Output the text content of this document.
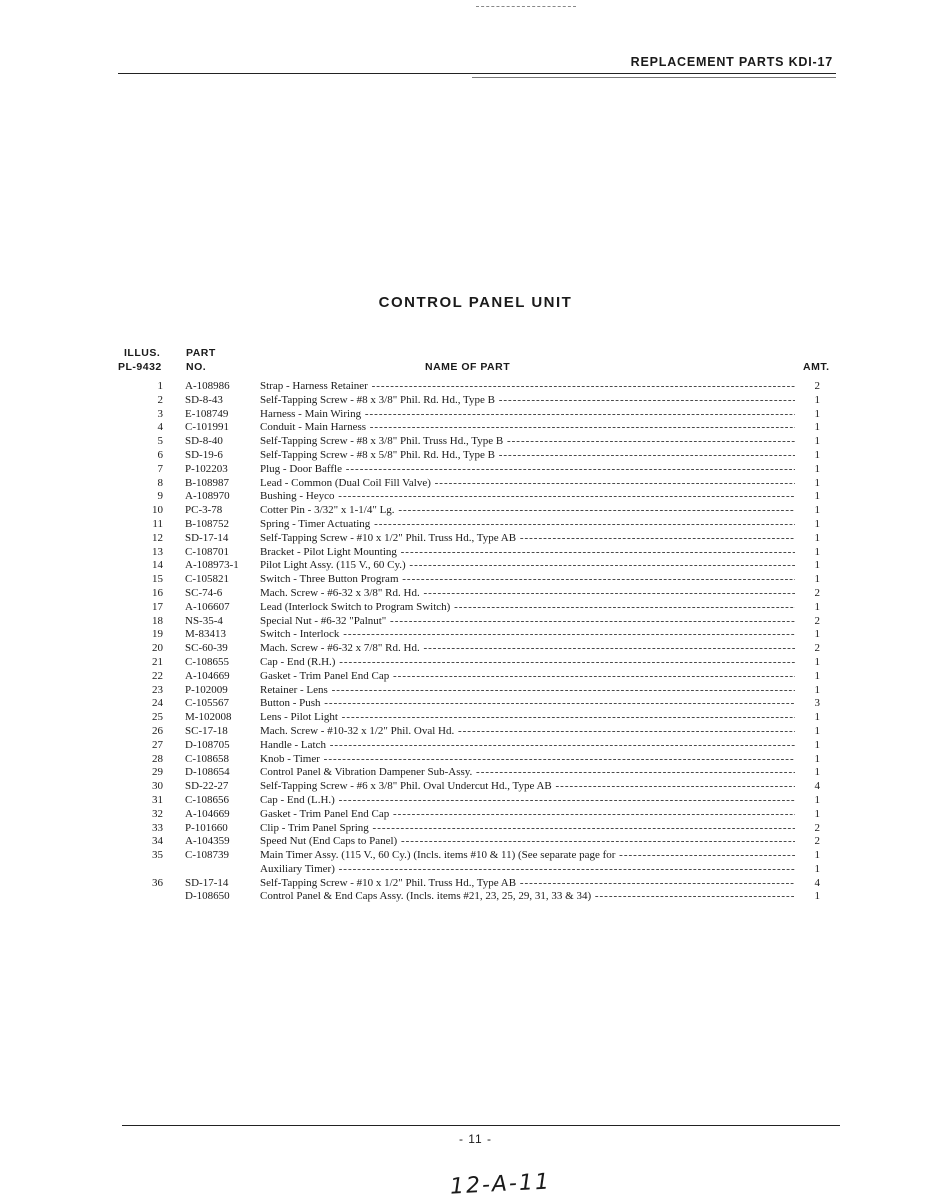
REPLACEMENT PARTS KDI-17
CONTROL PANEL UNIT
ILLUS.
PL-9432
PART
NO.	NAME OF PART	AMT.
1 A-108986	Strap - Harness Retainer -----	2
2 SD-8-43	Self-Tapping Screw - #8 x 3/8" Phil. Rd. Hd., Type B -----	1
3 E-108749	Harness - Main Wiring -----	1
4 C-101991	Conduit - Main Harness -----	1
5 SD-8-40	Self-Tapping Screw - #8 x 3/8" Phil. Truss Hd., Type B -----	1
6 SD-19-6	Self-Tapping Screw - #8 x 5/8" Phil. Rd. Hd., Type B -----	1
7 P-102203	Plug - Door Baffle -----	1
8 B-108987	Lead - Common (Dual Coil Fill Valve) -----	1
9 A-108970	Bushing - Heyco -----	1
10 PC-3-78	Cotter Pin - 3/32" x 1-1/4" Lg. -----	1
11 B-108752	Spring - Timer Actuating -----	1
12 SD-17-14	Self-Tapping Screw - #10 x 1/2" Phil. Truss Hd., Type AB -----	1
13 C-108701	Bracket - Pilot Light Mounting -----	1
14 A-108973-1	Pilot Light Assy. (115 V., 60 Cy.) -----	1
15 C-105821	Switch - Three Button Program -----	1
16 SC-74-6	Mach. Screw - #6-32 x 3/8" Rd. Hd. -----	2
17 A-106607	Lead (Interlock Switch to Program Switch) -----	1
18 NS-35-4	Special Nut - #6-32 "Palnut" -----	2
19 M-83413	Switch - Interlock -----	1
20 SC-60-39	Mach. Screw - #6-32 x 7/8" Rd. Hd. -----	2
21 C-108655	Cap - End (R.H.) -----	1
22 A-104669	Gasket - Trim Panel End Cap -----	1
23 P-102009	Retainer - Lens -----	1
24 C-105567	Button - Push -----	3
25 M-102008	Lens - Pilot Light -----	1
26 SC-17-18	Mach. Screw - #10-32 x 1/2" Phil. Oval Hd. -----	1
27 D-108705	Handle - Latch -----	1
28 C-108658	Knob - Timer -----	1
29 D-108654	Control Panel & Vibration Dampener Sub-Assy. -----	1
30 SD-22-27	Self-Tapping Screw - #6 x 3/8" Phil. Oval Undercut Hd., Type AB -----	4
31 C-108656	Cap - End (L.H.) -----	1
32 A-104669	Gasket - Trim Panel End Cap -----	1
33 P-101660	Clip - Trim Panel Spring -----	2
34 A-104359	Speed Nut (End Caps to Panel) -----	2
35 C-108739	Main Timer Assy. (115 V., 60 Cy.) (Incls. items #10 & 11) (See separate page for -----	1
Auxiliary Timer) -----	1
36 SD-17-14	Self-Tapping Screw - #10 x 1/2" Phil. Truss Hd., Type AB -----	4
D-108650	Control Panel & End Caps Assy. (Incls. items #21, 23, 25, 29, 31, 33 & 34) -----	1
- 11 -
12-A-11
